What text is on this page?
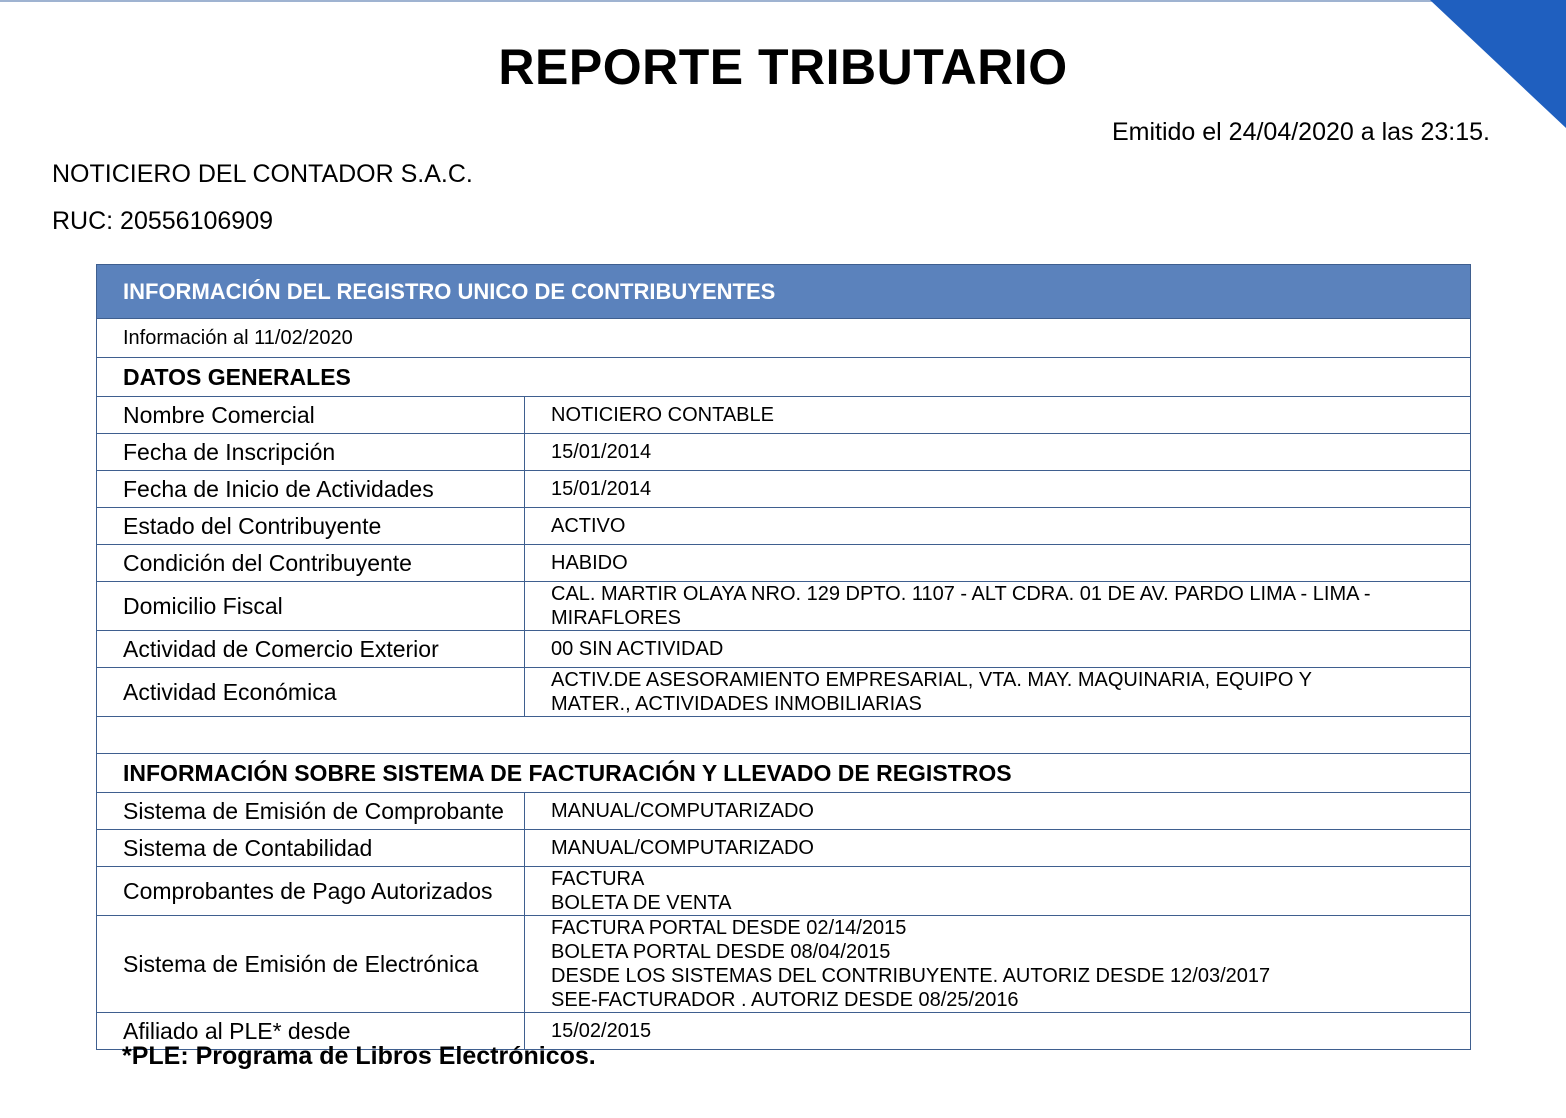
REPORTE TRIBUTARIO
Emitido el 24/04/2020 a las 23:15.
NOTICIERO DEL CONTADOR S.A.C.
RUC: 20556106909
INFORMACIÓN DEL REGISTRO UNICO DE CONTRIBUYENTES	
Información al 11/02/2020	
DATOS GENERALES	
Nombre Comercial	NOTICIERO CONTABLE
Fecha de Inscripción	15/01/2014
Fecha de Inicio de Actividades	15/01/2014
Estado del Contribuyente	ACTIVO
Condición del Contribuyente	HABIDO
Domicilio Fiscal	CAL. MARTIR OLAYA NRO. 129 DPTO. 1107 - ALT CDRA. 01 DE AV. PARDO LIMA - LIMA -
MIRAFLORES

Actividad de Comercio Exterior	00 SIN ACTIVIDAD
Actividad Económica	ACTIV.DE ASESORAMIENTO EMPRESARIAL, VTA. MAY. MAQUINARIA, EQUIPO Y
MATER., ACTIVIDADES INMOBILIARIAS

INFORMACIÓN SOBRE SISTEMA DE FACTURACIÓN Y LLEVADO DE REGISTROS	
Sistema de Emisión de Comprobante	MANUAL/COMPUTARIZADO
Sistema de Contabilidad	MANUAL/COMPUTARIZADO
Comprobantes de Pago Autorizados	FACTURA
BOLETA DE VENTA

Sistema de Emisión de Electrónica	FACTURA PORTAL DESDE 02/14/2015
BOLETA PORTAL DESDE 08/04/2015
DESDE LOS SISTEMAS DEL CONTRIBUYENTE. AUTORIZ DESDE 12/03/2017
SEE-FACTURADOR . AUTORIZ DESDE 08/25/2016

Afiliado al PLE* desde	15/02/2015
*PLE: Programa de Libros Electrónicos.
